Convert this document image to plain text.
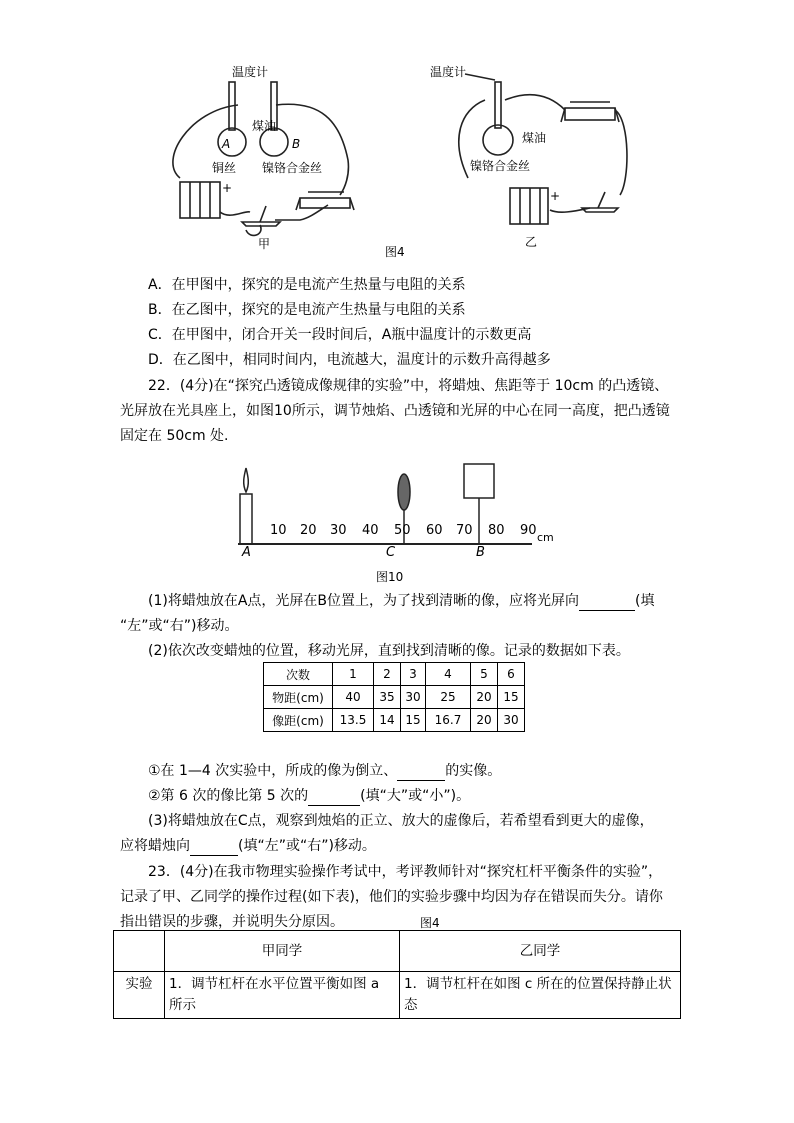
温度计
煤油
A	B
铜丝 镍铬合金丝
+
甲
温度计
煤油
镍铬合金丝
+
乙
图4
A．在甲图中，探究的是电流产生热量与电阻的关系
B．在乙图中，探究的是电流产生热量与电阻的关系
C．在甲图中，闭合开关一段时间后，A瓶中温度计的示数更高
D．在乙图中，相同时间内，电流越大，温度计的示数升高得越多
22．(4分)在“探究凸透镜成像规律的实验”中，将蜡烛、焦距等于 10cm 的凸透镜、
光屏放在光具座上，如图10所示，调节烛焰、凸透镜和光屏的中心在同一高度，把凸透镜
固定在 50cm 处.
10 20 30 40 50 60 70 80 90 cm
A	C	B
图10
(1)将蜡烛放在A点，光屏在B位置上，为了找到清晰的像，应将光屏向	(填
“左”或“右”)移动。
(2)依次改变蜡烛的位置，移动光屏，直到找到清晰的像。记录的数据如下表。
次数	1	2	3	4	5	6
物距(cm)	40	35	30	25	20	15
像距(cm)	13.5	14	15	16.7	20	30
①在 1—4 次实验中，所成的像为倒立、	的实像。
②第 6 次的像比第 5 次的	(填“大”或“小”)。
(3)将蜡烛放在C点，观察到烛焰的正立、放大的虚像后，若希望看到更大的虚像，
应将蜡烛向	(填“左”或“右”)移动。
23．(4分)在我市物理实验操作考试中，考评教师针对“探究杠杆平衡条件的实验”，
记录了甲、乙同学的操作过程(如下表)，他们的实验步骤中均因为存在错误而失分。请你
指出错误的步骤，并说明失分原因。	图4
	甲同学	乙同学
实验	1．调节杠杆在水平位置平衡如图 a 所示	1．调节杠杆在如图 c 所在的位置保持静止状态
